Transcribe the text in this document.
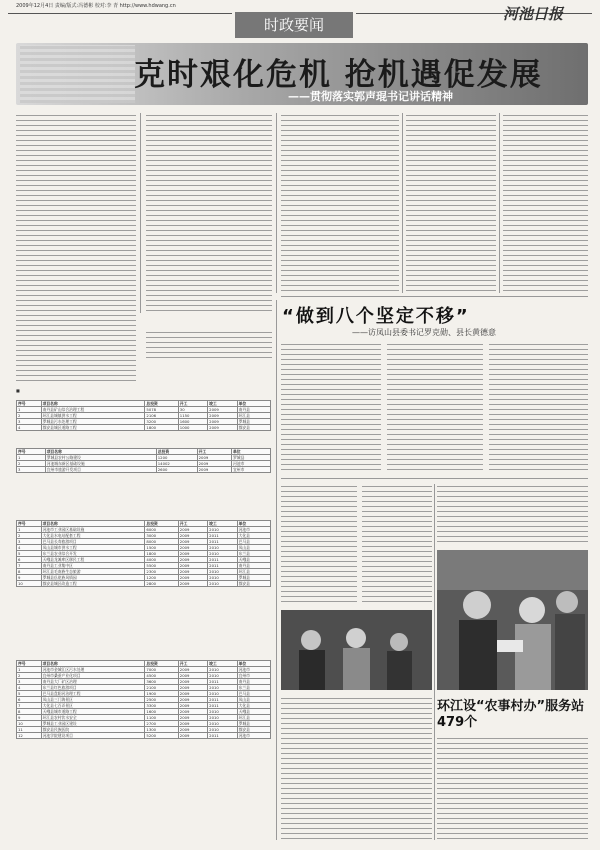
2009年12月4日 责编/版式:冯德彬 校对:李 青 http://www.hdwang.cn
时政要闻
河池日报
克时艰化危机 抢机遇促发展
——贯彻落实郭声琨书记讲话精神
“做到八个坚定不移”
——访凤山县委书记罗克勋、县长黄德意
环江设“农事村办”服务站479个
■
序号	项目名称	总投资	开工	竣工	单位
1	南丹县矿山综合治理工程	5078	30	2009	南丹县
2	环江县城镇供水工程	2106	1150	2009	环江县
3	罗城县污水处理工程	3200	1600	2009	罗城县
4	都安县城区道路工程	1800	1000	2009	都安县
序号	项目名称	总投资	开工	单位
1	罗城县农村公路建设	1200	2009	罗城县
2	河池城东新区基础设施	14002	2009	河池市
3	宜州市旅游开发项目	2600	2009	宜州市
序号	项目名称	总投资	开工	竣工	单位
1	河池市工业园区基础设施	6000	2009	2010	河池市
2	大化县水电站配套工程	3000	2009	2011	大化县
3	巴马县长寿旅游项目	8000	2009	2011	巴马县
4	凤山县城市供水工程	1500	2009	2010	凤山县
5	东兰县农业综合开发	1800	2009	2010	东兰县
6	天峨县龙滩库区移民工程	4000	2009	2011	天峨县
7	南丹县工业集中区	5500	2009	2011	南丹县
8	环江县毛南族生态旅游	2300	2009	2010	环江县
9	罗城县仫佬族风情园	1200	2009	2010	罗城县
10	都安县城区改造工程	2800	2009	2010	都安县
序号	项目名称	总投资	开工	竣工	单位
1	河池市金城江区污水处理	7000	2009	2010	河池市
2	宜州市桑蚕产业化项目	4500	2009	2010	宜州市
3	南丹县大厂矿区治理	3600	2009	2011	南丹县
4	东兰县红色旅游项目	2100	2009	2010	东兰县
5	巴马县盘阳河治理工程	1900	2009	2010	巴马县
6	凤山县三门海景区	2500	2009	2011	凤山县
7	大化县七百弄景区	3300	2009	2011	大化县
8	天峨县城市道路工程	1600	2009	2010	天峨县
9	环江县农村饮水安全	1100	2009	2010	环江县
10	罗城县工业园区建设	2700	2009	2010	罗城县
11	都安县民族医院	1300	2009	2010	都安县
12	河池学院建设项目	5200	2009	2011	河池市
